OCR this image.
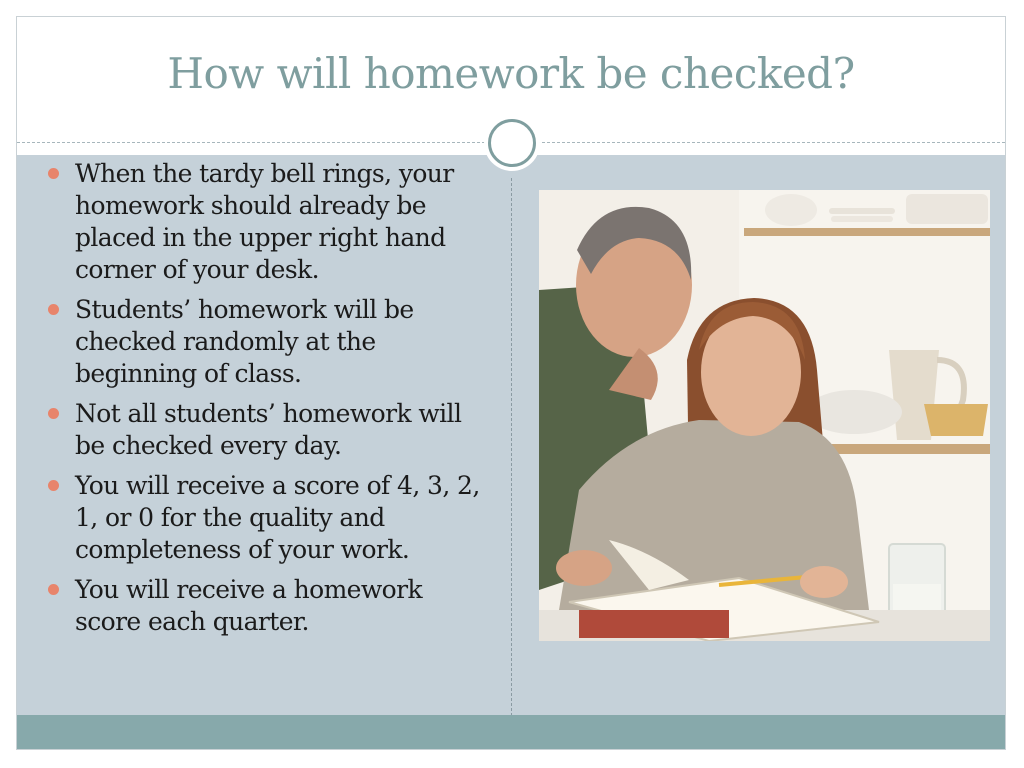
How will homework be checked?
When the tardy bell rings, your homework should already be placed in the upper right hand corner of your desk.
Students’ homework will be checked randomly at the beginning of class.
Not all students’ homework will be checked every day.
You will receive a score of 4, 3, 2, 1, or 0 for the quality and completeness of your work.
You will receive a homework score each quarter.
